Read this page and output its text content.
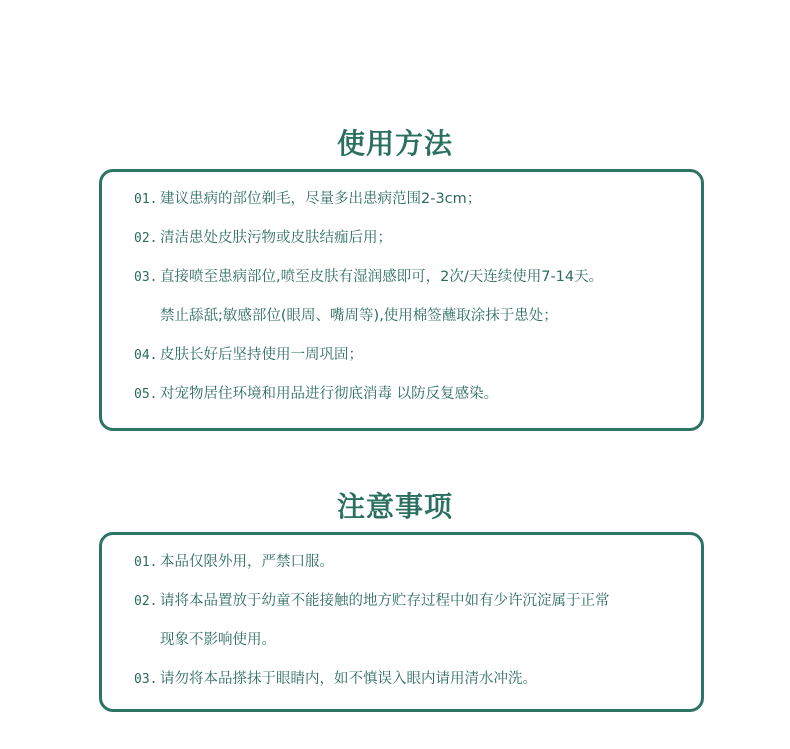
使用方法
01. 建议患病的部位剃毛，尽量多出患病范围2-3cm；
02. 清洁患处皮肤污物或皮肤结痂后用；
03. 直接喷至患病部位,喷至皮肤有湿润感即可，2次/天连续使用7-14天。
禁止舔舐;敏感部位(眼周、嘴周等),使用棉签蘸取涂抹于患处；
04. 皮肤长好后坚持使用一周巩固；
05. 对宠物居住环境和用品进行彻底消毒 以防反复感染。
注意事项
01. 本品仅限外用，严禁口服。
02. 请将本品置放于幼童不能接触的地方贮存过程中如有少许沉淀属于正常
现象不影响使用。
03. 请勿将本品搽抹于眼睛内，如不慎误入眼内请用清水冲洗。
